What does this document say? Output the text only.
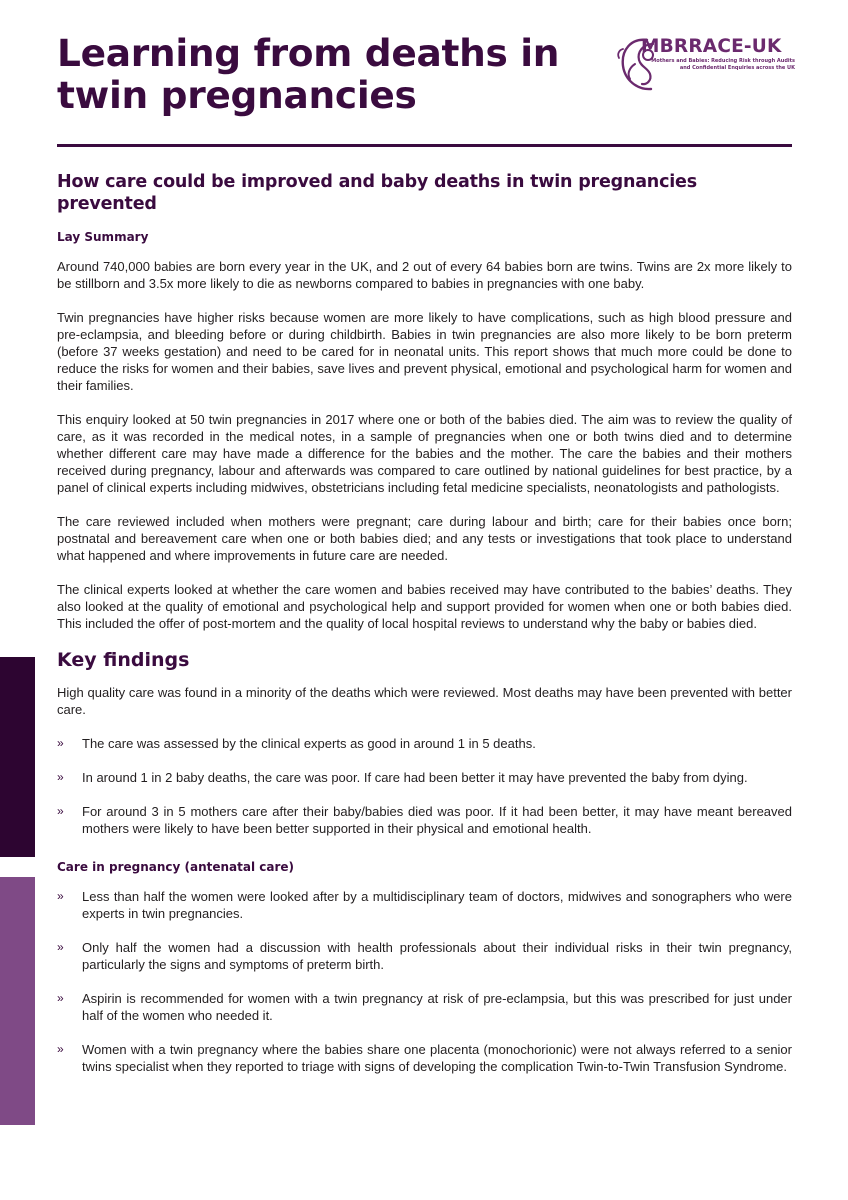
Learning from deaths in twin pregnancies
MBRRACE-UK
Mothers and Babies: Reducing Risk through Audits and Confidential Enquiries across the UK
How care could be improved and baby deaths in twin pregnancies prevented
Lay Summary

Around 740,000 babies are born every year in the UK, and 2 out of every 64 babies born are twins. Twins are 2x more likely to be stillborn and 3.5x more likely to die as newborns compared to babies in pregnancies with one baby.

Twin pregnancies have higher risks because women are more likely to have complications, such as high blood pressure and pre-eclampsia, and bleeding before or during childbirth. Babies in twin pregnancies are also more likely to be born preterm (before 37 weeks gestation) and need to be cared for in neonatal units. This report shows that much more could be done to reduce the risks for women and their babies, save lives and prevent physical, emotional and psychological harm for women and their families.

This enquiry looked at 50 twin pregnancies in 2017 where one or both of the babies died. The aim was to review the quality of care, as it was recorded in the medical notes, in a sample of pregnancies when one or both twins died and to determine whether different care may have made a difference for the babies and the mother. The care the babies and their mothers received during pregnancy, labour and afterwards was compared to care outlined by national guidelines for best practice, by a panel of clinical experts including midwives, obstetricians including fetal medicine specialists, neonatologists and pathologists.

The care reviewed included when mothers were pregnant; care during labour and birth; care for their babies once born; postnatal and bereavement care when one or both babies died; and any tests or investigations that took place to understand what happened and where improvements in future care are needed.

The clinical experts looked at whether the care women and babies received may have contributed to the babies’ deaths. They also looked at the quality of emotional and psychological help and support provided for women when one or both babies died. This included the offer of post-mortem and the quality of local hospital reviews to understand why the baby or babies died.

Key findings

High quality care was found in a minority of the deaths which were reviewed. Most deaths may have been prevented with better care.

» The care was assessed by the clinical experts as good in around 1 in 5 deaths.
» In around 1 in 2 baby deaths, the care was poor. If care had been better it may have prevented the baby from dying.
» For around 3 in 5 mothers care after their baby/babies died was poor. If it had been better, it may have meant bereaved mothers were likely to have been better supported in their physical and emotional health.
Care in pregnancy (antenatal care)
» Less than half the women were looked after by a multidisciplinary team of doctors, midwives and sonographers who were experts in twin pregnancies.
» Only half the women had a discussion with health professionals about their individual risks in their twin pregnancy, particularly the signs and symptoms of preterm birth.
» Aspirin is recommended for women with a twin pregnancy at risk of pre-eclampsia, but this was prescribed for just under half of the women who needed it.
» Women with a twin pregnancy where the babies share one placenta (monochorionic) were not always referred to a senior twins specialist when they reported to triage with signs of developing the complication Twin-to-Twin Transfusion Syndrome.
